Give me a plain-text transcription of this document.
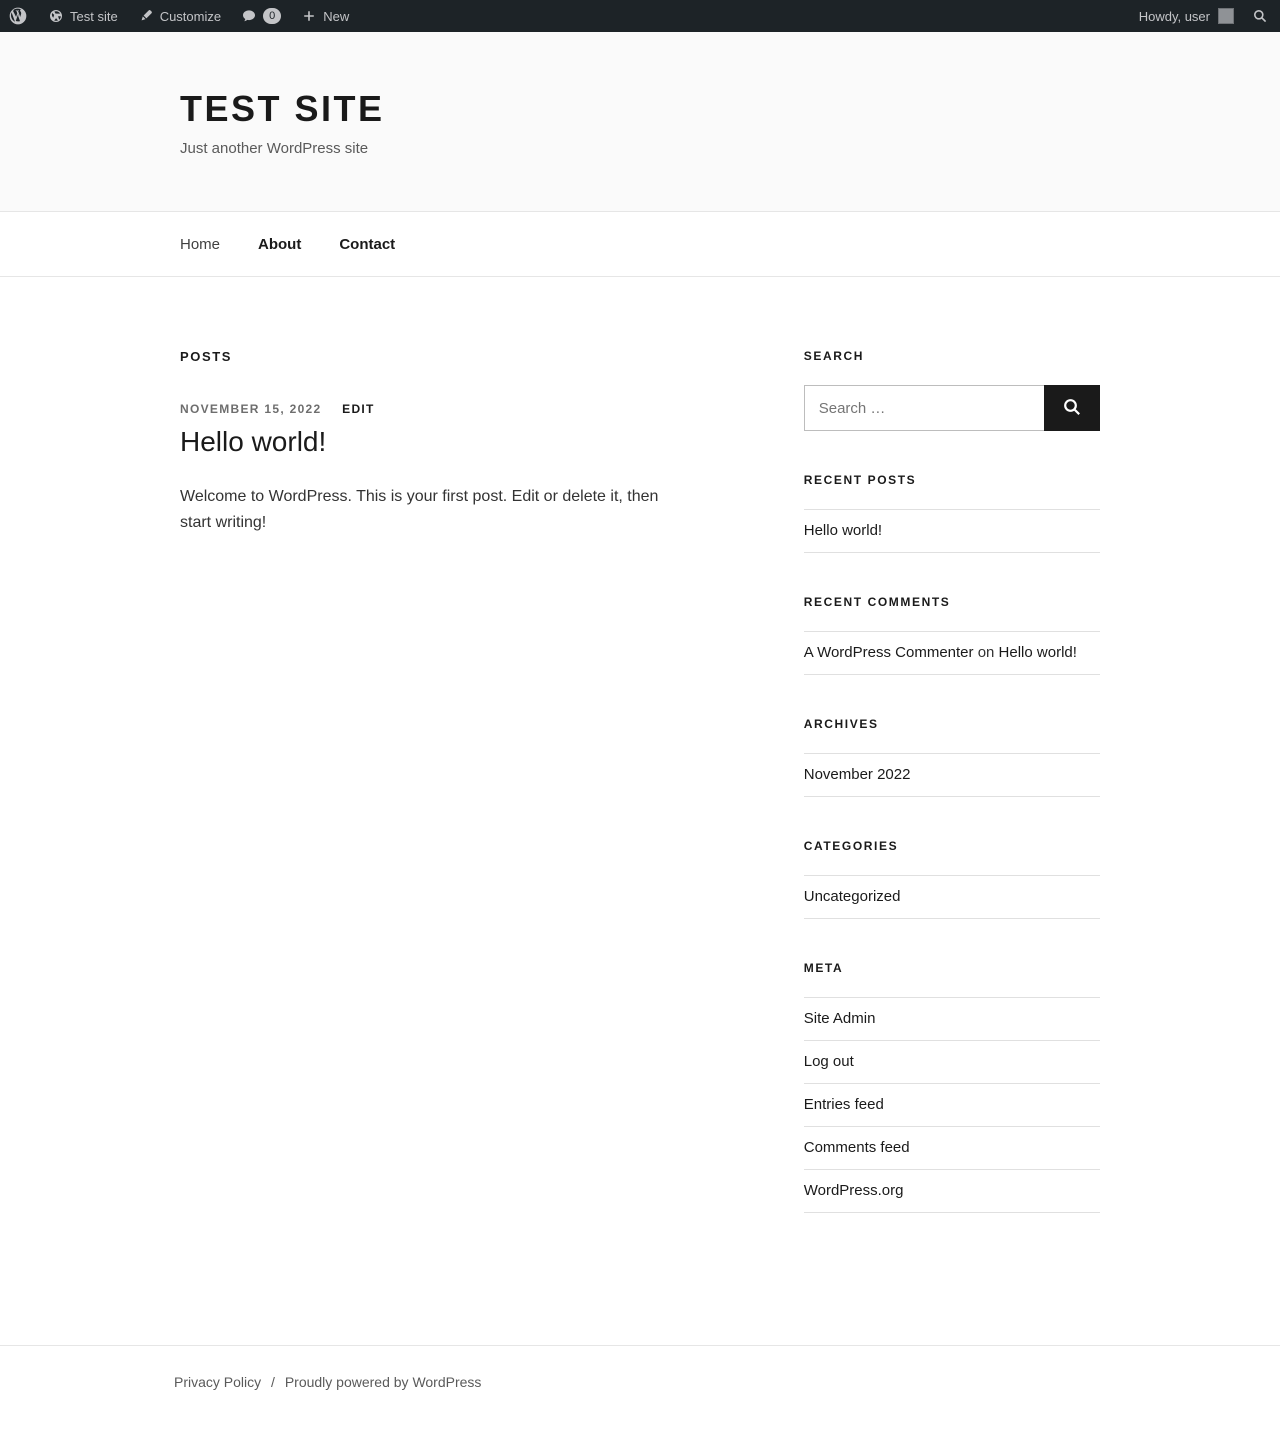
Test site	Customize	0	New	Howdy, user
TEST SITE

Just another WordPress site

Home	About	Contact
POSTS
NOVEMBER 15, 2022 EDIT
Hello world!
Welcome to WordPress. This is your first post. Edit or delete it, then start writing!
SEARCH
Search …
RECENT POSTS
Hello world!
RECENT COMMENTS
A WordPress Commenter on Hello world!
ARCHIVES
November 2022
CATEGORIES
Uncategorized
META
Site Admin
Log out
Entries feed
Comments feed
WordPress.org
Privacy Policy / Proudly powered by WordPress
